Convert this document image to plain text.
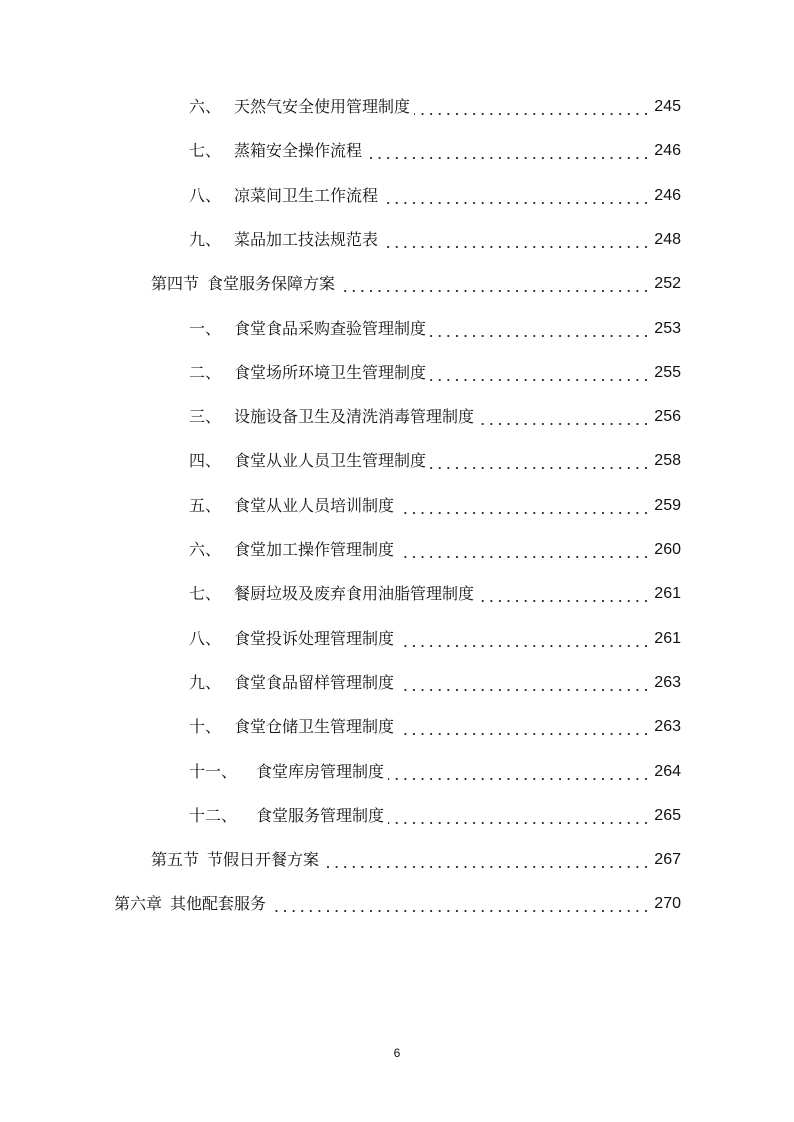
六、 天然气安全使用管理制度	245
七、 蒸箱安全操作流程	246
八、 凉菜间卫生工作流程	246
九、 菜品加工技法规范表	248
第四节 食堂服务保障方案	252
一、 食堂食品采购查验管理制度	253
二、 食堂场所环境卫生管理制度	255
三、 设施设备卫生及清洗消毒管理制度	256
四、 食堂从业人员卫生管理制度	258
五、 食堂从业人员培训制度	259
六、 食堂加工操作管理制度	260
七、 餐厨垃圾及废弃食用油脂管理制度	261
八、 食堂投诉处理管理制度	261
九、 食堂食品留样管理制度	263
十、 食堂仓储卫生管理制度	263
十一、	食堂库房管理制度	264
十二、	食堂服务管理制度	265
第五节 节假日开餐方案	267
第六章 其他配套服务	270
6
